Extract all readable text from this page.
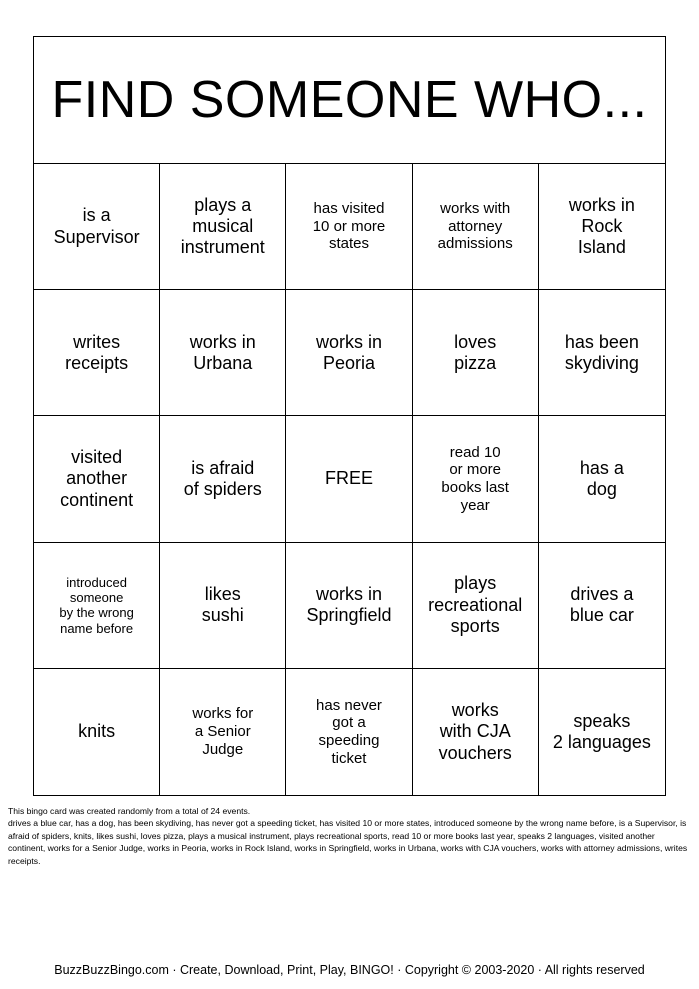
FIND SOMEONE WHO...
is a
Supervisor
plays a
musical
instrument
has visited
10 or more
states
works with
attorney
admissions
works in
Rock
Island
writes
receipts
works in
Urbana
works in
Peoria
loves
pizza
has been
skydiving
visited
another
continent
is afraid
of spiders
FREE
read 10
or more
books last
year
has a
dog
introduced
someone
by the wrong
name before
likes
sushi
works in
Springfield
plays
recreational
sports
drives a
blue car
knits
works for
a Senior
Judge
has never
got a
speeding
ticket
works
with CJA
vouchers
speaks
2 languages
This bingo card was created randomly from a total of 24 events.
drives a blue car, has a dog, has been skydiving, has never got a speeding ticket, has visited 10 or more states, introduced someone by the wrong name before, is a Supervisor, is afraid of spiders, knits, likes sushi, loves pizza, plays a musical instrument, plays recreational sports, read 10 or more books last year, speaks 2 languages, visited another continent, works for a Senior Judge, works in Peoria, works in Rock Island, works in Springfield, works in Urbana, works with CJA vouchers, works with attorney admissions, writes receipts.
BuzzBuzzBingo.com · Create, Download, Print, Play, BINGO! · Copyright © 2003-2020 · All rights reserved
